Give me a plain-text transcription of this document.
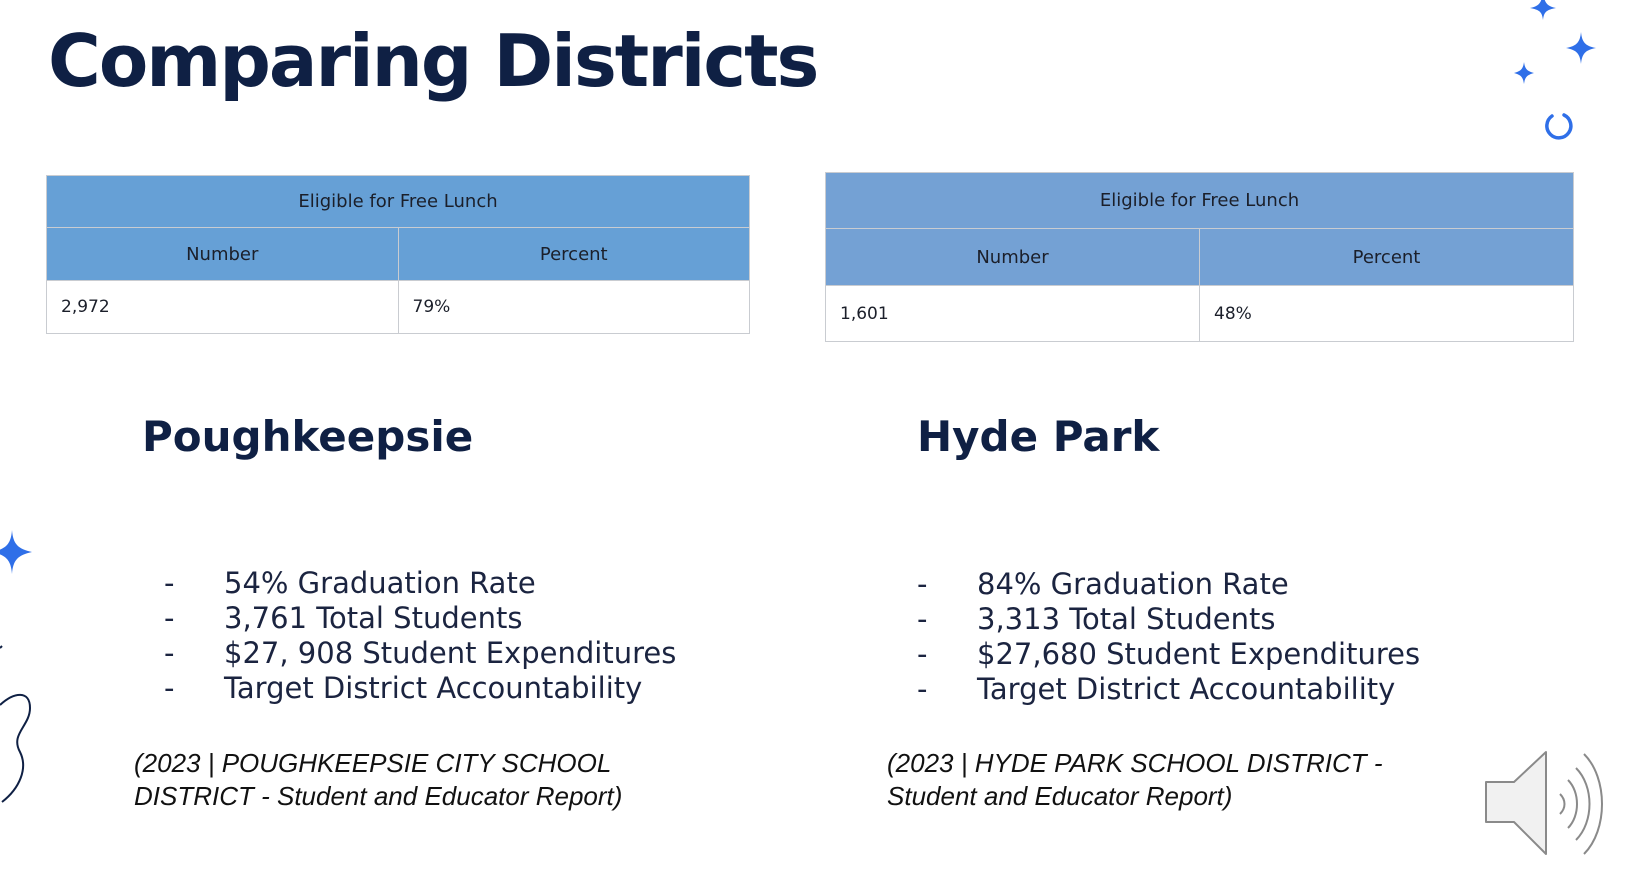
Comparing Districts
Eligible for Free Lunch	
Number	Percent
2,972	79%
Eligible for Free Lunch	
Number	Percent
1,601	48%
Poughkeepsie	Hyde Park
- 54% Graduation Rate
- 3,761 Total Students
- $27, 908 Student Expenditures
- Target District Accountability
- 84% Graduation Rate
- 3,313 Total Students
- $27,680 Student Expenditures
- Target District Accountability

(2023 | POUGHKEEPSIE CITY SCHOOL
DISTRICT - Student and Educator Report)

(2023 | HYDE PARK SCHOOL DISTRICT -
Student and Educator Report)
